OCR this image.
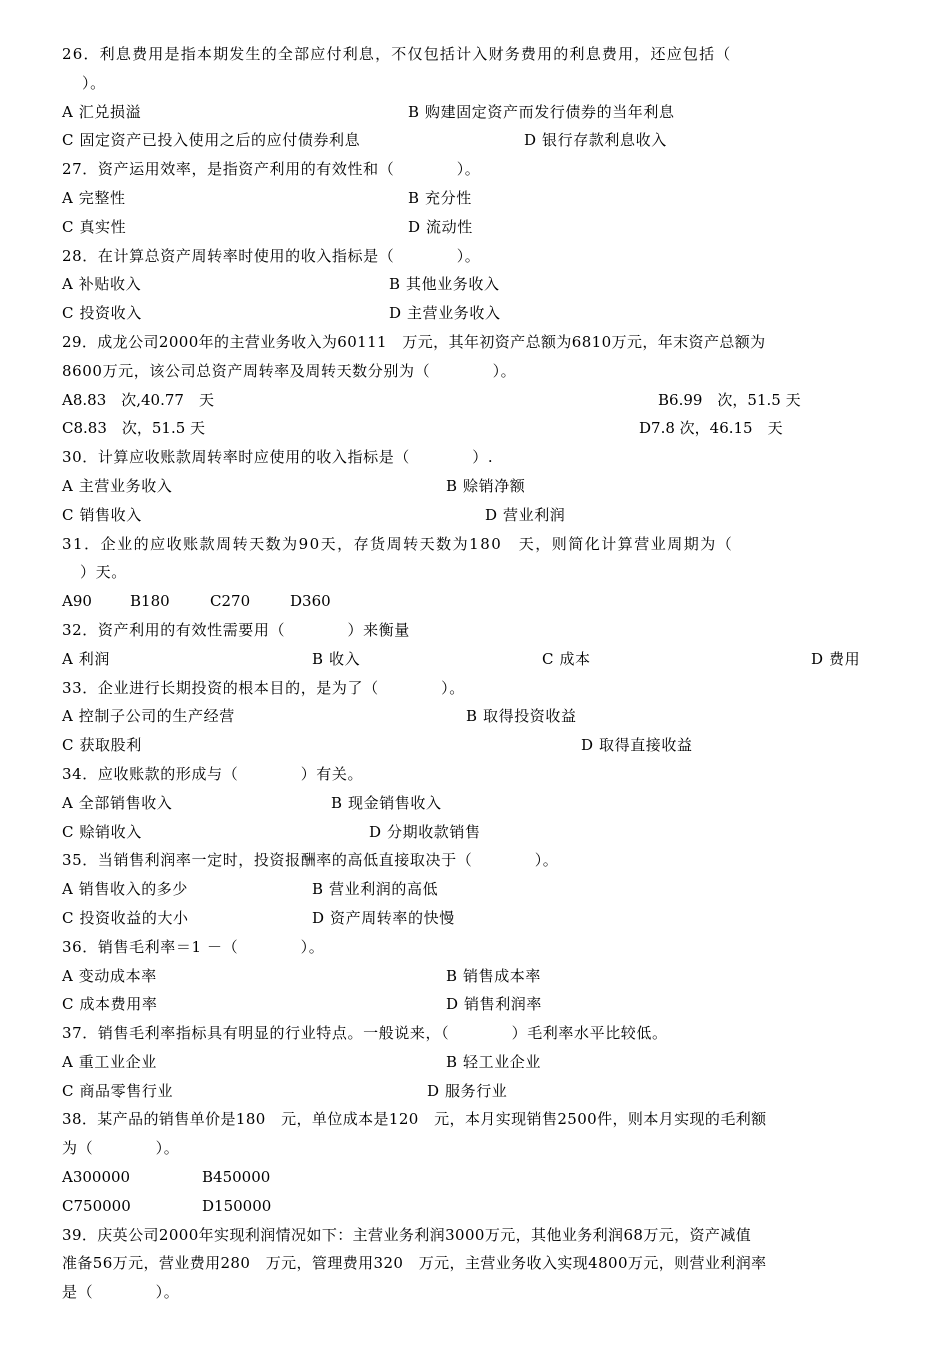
26．利息费用是指本期发生的全部应付利息，不仅包括计入财务费用的利息费用，还应包括（
）。
A 汇兑损溢	B 购建固定资产而发行债券的当年利息
C 固定资产已投入使用之后的应付债券利息	D 银行存款利息收入
27．资产运用效率，是指资产利用的有效性和（　　　　）。
A 完整性	B 充分性
C 真实性	D 流动性
28．在计算总资产周转率时使用的收入指标是（　　　　）。
A 补贴收入	B 其他业务收入
C 投资收入	D 主营业务收入
29．成龙公司2000年的主营业务收入为60111　万元，其年初资产总额为6810万元，年末资产总额为
8600万元，该公司总资产周转率及周转天数分别为（　　　　）。
A8.83　次,40.77　天	B6.99　次，51.5 天
C8.83　次，51.5 天	D7.8 次，46.15　天
30．计算应收账款周转率时应使用的收入指标是（　　　　）.
A 主营业务收入	B 赊销净额
C 销售收入	D 营业利润
31．企业的应收账款周转天数为90天，存货周转天数为180　天，则简化计算营业周期为（
）天。
A90	B180	C270	D360
32．资产利用的有效性需要用（　　　　）来衡量
A 利润	B 收入	C 成本	D 费用
33．企业进行长期投资的根本目的，是为了（　　　　）。
A 控制子公司的生产经营	B 取得投资收益
C 获取股利	D 取得直接收益
34．应收账款的形成与（　　　　）有关。
A 全部销售收入	B 现金销售收入
C 赊销收入	D 分期收款销售
35．当销售利润率一定时，投资报酬率的高低直接取决于（　　　　）。
A 销售收入的多少	B 营业利润的高低
C 投资收益的大小	D 资产周转率的快慢
36．销售毛利率＝1 －（　　　　）。
A 变动成本率	B 销售成本率
C 成本费用率	D 销售利润率
37．销售毛利率指标具有明显的行业特点。一般说来，（　　　　）毛利率水平比较低。
A 重工业企业	B 轻工业企业
C 商品零售行业	D 服务行业
38．某产品的销售单价是180　元，单位成本是120　元，本月实现销售2500件，则本月实现的毛利额
为（　　　　）。
A300000	B450000
C750000	D150000
39．庆英公司2000年实现利润情况如下：主营业务利润3000万元，其他业务利润68万元，资产减值
准备56万元，营业费用280　万元，管理费用320　万元，主营业务收入实现4800万元，则营业利润率
是（　　　　）。
